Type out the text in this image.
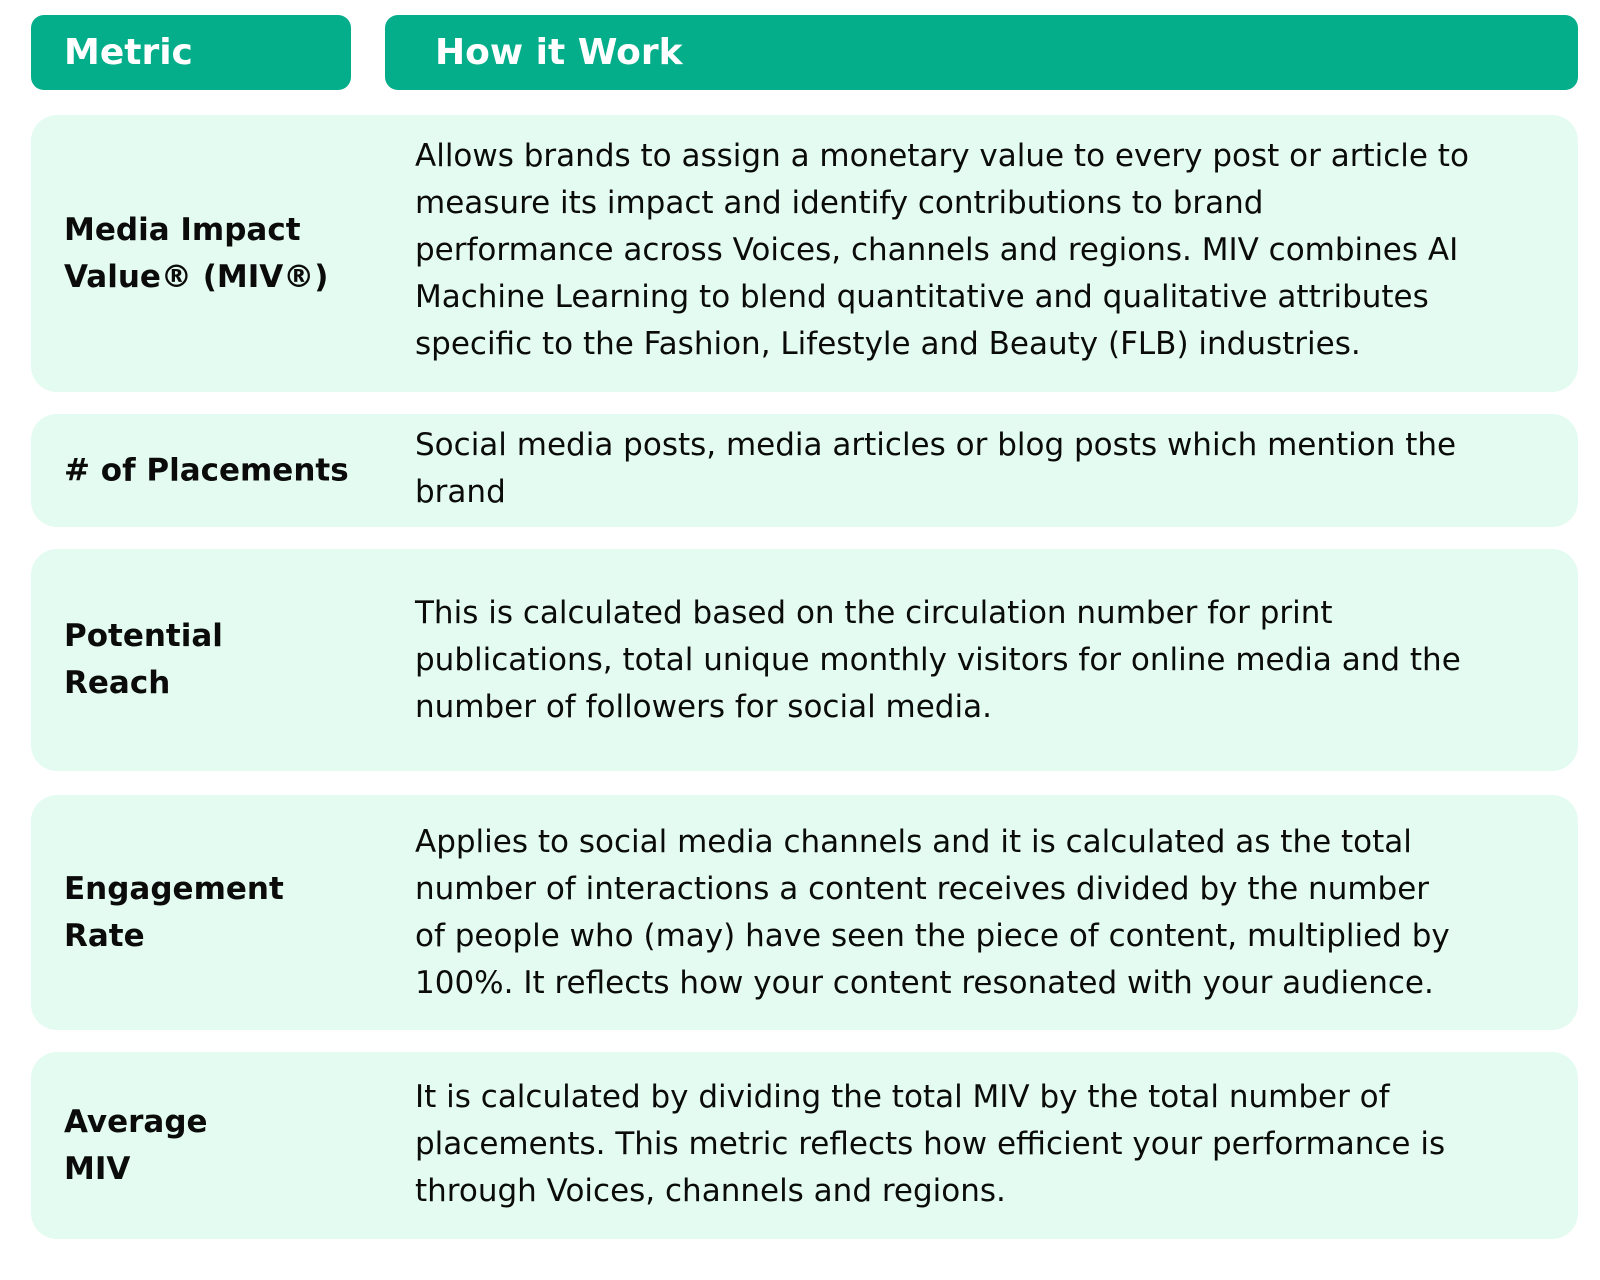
Metric	How it Work
Media Impact
Value® (MIV®)
Allows brands to assign a monetary value to every post or article to
measure its impact and identify contributions to brand
performance across Voices, channels and regions. MIV combines AI
Machine Learning to blend quantitative and qualitative attributes
specific to the Fashion, Lifestyle and Beauty (FLB) industries.
# of Placements
Social media posts, media articles or blog posts which mention the
brand
Potential
Reach
This is calculated based on the circulation number for print
publications, total unique monthly visitors for online media and the
number of followers for social media.
Engagement
Rate
Applies to social media channels and it is calculated as the total
number of interactions a content receives divided by the number
of people who (may) have seen the piece of content, multiplied by
100%. It reflects how your content resonated with your audience.
Average
MIV
It is calculated by dividing the total MIV by the total number of
placements. This metric reflects how efficient your performance is
through Voices, channels and regions.
